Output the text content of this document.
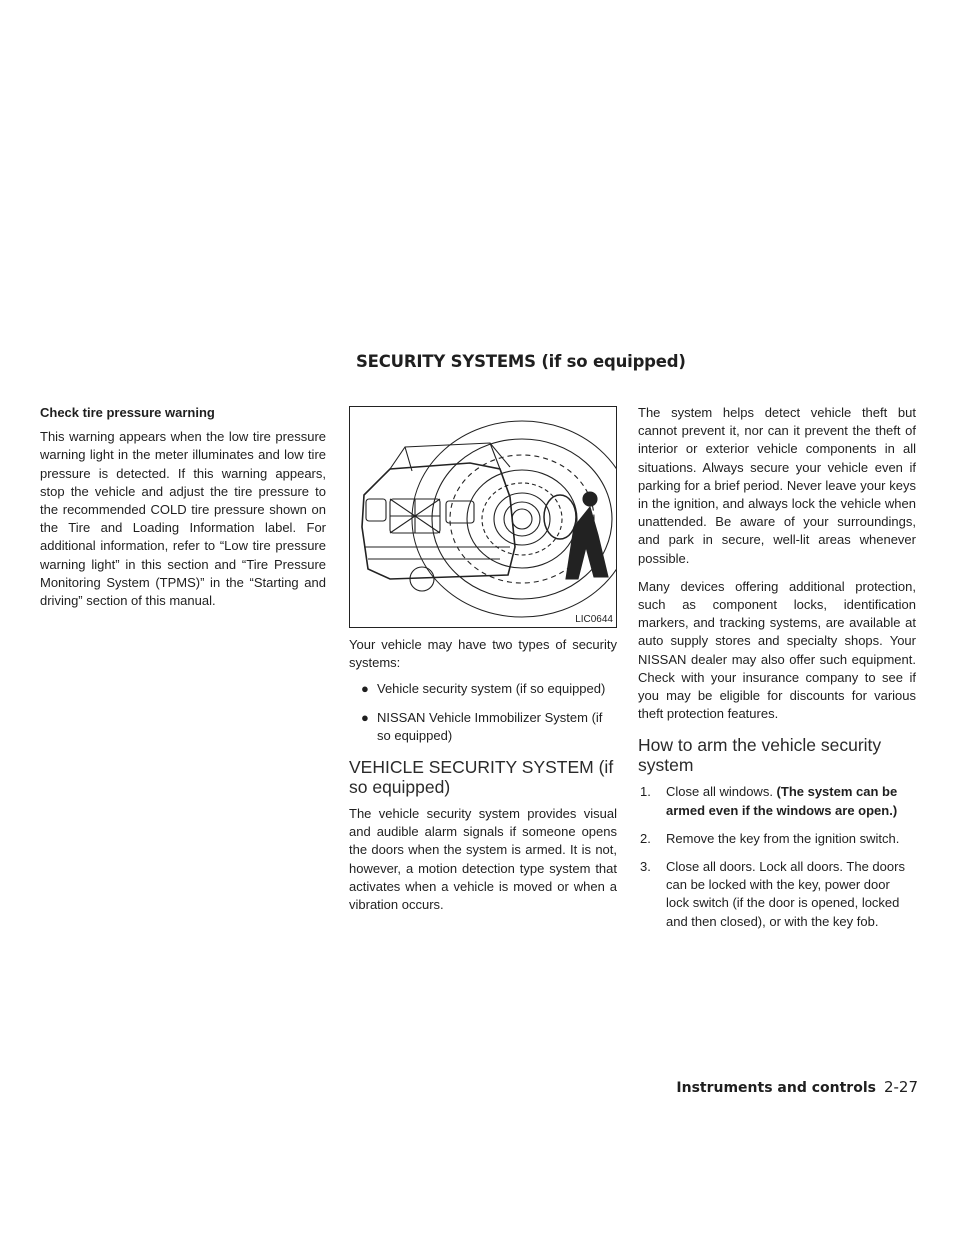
SECURITY SYSTEMS (if so equipped)

Check tire pressure warning

This warning appears when the low tire pressure warning light in the meter illuminates and low tire pressure is detected. If this warning appears, stop the vehicle and adjust the tire pressure to the recommended COLD tire pressure shown on the Tire and Loading Information label. For additional information, refer to “Low tire pressure warning light” in this section and “Tire Pressure Monitoring System (TPMS)” in the “Starting and driving” section of this manual.

LIC0644

Your vehicle may have two types of security systems:

● Vehicle security system (if so equipped)

● NISSAN Vehicle Immobilizer System (if so equipped)

VEHICLE SECURITY SYSTEM (if so equipped)

The vehicle security system provides visual and audible alarm signals if someone opens the doors when the system is armed. It is not, however, a motion detection type system that activates when a vehicle is moved or when a vibration occurs.

The system helps detect vehicle theft but cannot prevent it, nor can it prevent the theft of interior or exterior vehicle components in all situations. Always secure your vehicle even if parking for a brief period. Never leave your keys in the ignition, and always lock the vehicle when unattended. Be aware of your surroundings, and park in secure, well-lit areas whenever possible.

Many devices offering additional protection, such as component locks, identification markers, and tracking systems, are available at auto supply stores and specialty shops. Your NISSAN dealer may also offer such equipment. Check with your insurance company to see if you may be eligible for discounts for various theft protection features.

How to arm the vehicle security system

1. Close all windows. (The system can be armed even if the windows are open.)

2. Remove the key from the ignition switch.

3. Close all doors. Lock all doors. The doors can be locked with the key, power door lock switch (if the door is opened, locked and then closed), or with the key fob.

Instruments and controls 2-27
